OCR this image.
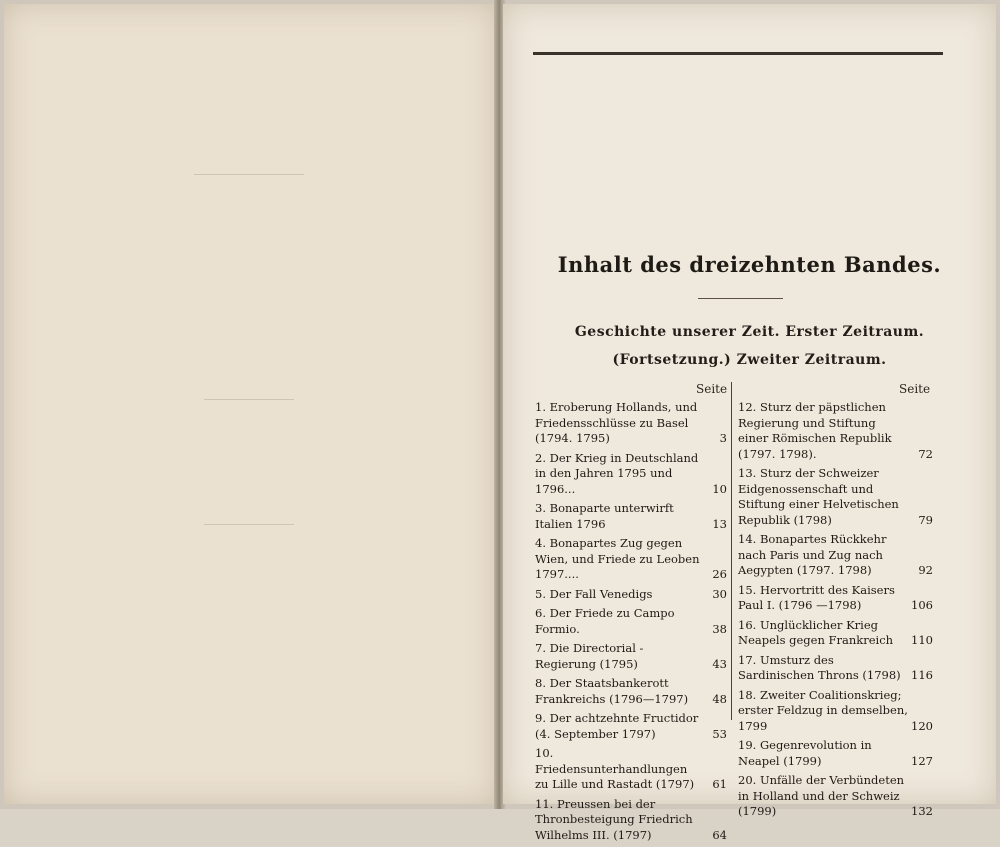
Inhalt des dreizehnten Bandes.
Geschichte unserer Zeit. Erster Zeitraum.
(Fortsetzung.) Zweiter Zeitraum.
Seite	Seite
1. Eroberung Hollands, und Friedensschlüsse zu Basel (1794. 1795)	3
2. Der Krieg in Deutschland in den Jahren 1795 und 1796...	10
3. Bonaparte unterwirft Italien 1796	13
4. Bonapartes Zug gegen Wien, und Friede zu Leoben 1797....	26
5. Der Fall Venedigs	30
6. Der Friede zu Campo Formio.	38
7. Die Directorial - Regierung (1795)	43
8. Der Staatsbankerott Frankreichs (1796—1797) 48
9. Der achtzehnte Fructidor (4. September 1797)	53
10. Friedensunterhandlungen zu Lille und Rastadt (1797) 61
11. Preussen bei der Thronbesteigung Friedrich Wilhelms III. (1797)	64
12. Sturz der päpstlichen Regierung und Stiftung einer Römischen Republik (1797. 1798).	72
13. Sturz der Schweizer Eidgenossenschaft und Stiftung einer Helvetischen Republik (1798)	79
14. Bonapartes Rückkehr nach Paris und Zug nach Aegypten (1797. 1798)	92
15. Hervortritt des Kaisers Paul I. (1796 —1798)	106
16. Unglücklicher Krieg Neapels gegen Frankreich 110
17. Umsturz des Sardinischen Throns (1798) 116
18. Zweiter Coalitionskrieg; erster Feldzug in demselben, 1799	120
19. Gegenrevolution in Neapel (1799)	127
20. Unfälle der Verbündeten in Holland und der Schweiz (1799)	132
